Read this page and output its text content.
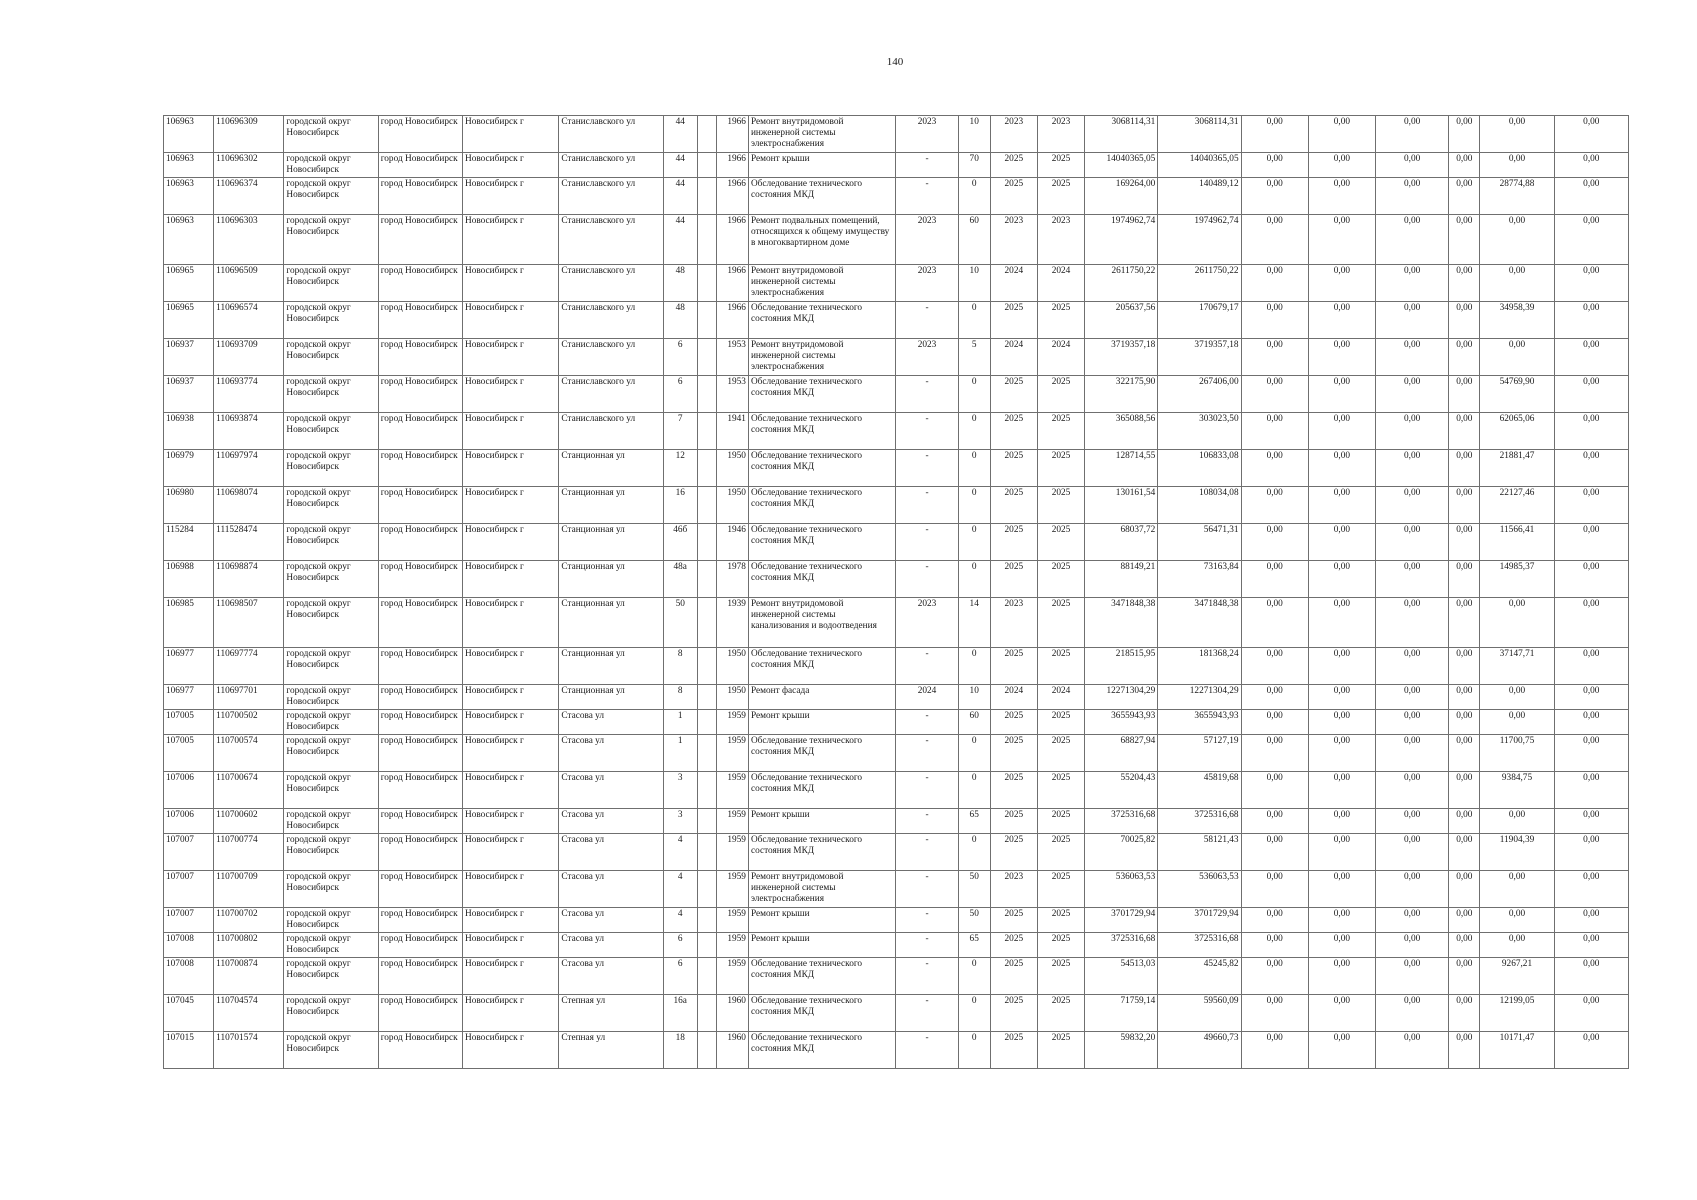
140
106963	110696309	городской округ Новосибирск	город Новосибирск	Новосибирск г	Станиславского ул	44		1966	Ремонт внутридомовой инженерной системы электроснабжения	2023	10	2023	2023	3068114,31	3068114,31	0,00	0,00	0,00	0,00	0,00	0,00
106963	110696302	городской округ Новосибирск	город Новосибирск	Новосибирск г	Станиславского ул	44		1966	Ремонт крыши	-	70	2025	2025	14040365,05	14040365,05	0,00	0,00	0,00	0,00	0,00	0,00
106963	110696374	городской округ Новосибирск	город Новосибирск	Новосибирск г	Станиславского ул	44		1966	Обследование технического состояния МКД	-	0	2025	2025	169264,00	140489,12	0,00	0,00	0,00	0,00	28774,88	0,00
106963	110696303	городской округ Новосибирск	город Новосибирск	Новосибирск г	Станиславского ул	44		1966	Ремонт подвальных помещений, относящихся к общему имуществу в многоквартирном доме	2023	60	2023	2023	1974962,74	1974962,74	0,00	0,00	0,00	0,00	0,00	0,00
106965	110696509	городской округ Новосибирск	город Новосибирск	Новосибирск г	Станиславского ул	48		1966	Ремонт внутридомовой инженерной системы электроснабжения	2023	10	2024	2024	2611750,22	2611750,22	0,00	0,00	0,00	0,00	0,00	0,00
106965	110696574	городской округ Новосибирск	город Новосибирск	Новосибирск г	Станиславского ул	48		1966	Обследование технического состояния МКД	-	0	2025	2025	205637,56	170679,17	0,00	0,00	0,00	0,00	34958,39	0,00
106937	110693709	городской округ Новосибирск	город Новосибирск	Новосибирск г	Станиславского ул	6		1953	Ремонт внутридомовой инженерной системы электроснабжения	2023	5	2024	2024	3719357,18	3719357,18	0,00	0,00	0,00	0,00	0,00	0,00
106937	110693774	городской округ Новосибирск	город Новосибирск	Новосибирск г	Станиславского ул	6		1953	Обследование технического состояния МКД	-	0	2025	2025	322175,90	267406,00	0,00	0,00	0,00	0,00	54769,90	0,00
106938	110693874	городской округ Новосибирск	город Новосибирск	Новосибирск г	Станиславского ул	7		1941	Обследование технического состояния МКД	-	0	2025	2025	365088,56	303023,50	0,00	0,00	0,00	0,00	62065,06	0,00
106979	110697974	городской округ Новосибирск	город Новосибирск	Новосибирск г	Станционная ул	12		1950	Обследование технического состояния МКД	-	0	2025	2025	128714,55	106833,08	0,00	0,00	0,00	0,00	21881,47	0,00
106980	110698074	городской округ Новосибирск	город Новосибирск	Новосибирск г	Станционная ул	16		1950	Обследование технического состояния МКД	-	0	2025	2025	130161,54	108034,08	0,00	0,00	0,00	0,00	22127,46	0,00
115284	111528474	городской округ Новосибирск	город Новосибирск	Новосибирск г	Станционная ул	46б		1946	Обследование технического состояния МКД	-	0	2025	2025	68037,72	56471,31	0,00	0,00	0,00	0,00	11566,41	0,00
106988	110698874	городской округ Новосибирск	город Новосибирск	Новосибирск г	Станционная ул	48а		1978	Обследование технического состояния МКД	-	0	2025	2025	88149,21	73163,84	0,00	0,00	0,00	0,00	14985,37	0,00
106985	110698507	городской округ Новосибирск	город Новосибирск	Новосибирск г	Станционная ул	50		1939	Ремонт внутридомовой инженерной системы канализования и водоотведения	2023	14	2023	2025	3471848,38	3471848,38	0,00	0,00	0,00	0,00	0,00	0,00
106977	110697774	городской округ Новосибирск	город Новосибирск	Новосибирск г	Станционная ул	8		1950	Обследование технического состояния МКД	-	0	2025	2025	218515,95	181368,24	0,00	0,00	0,00	0,00	37147,71	0,00
106977	110697701	городской округ Новосибирск	город Новосибирск	Новосибирск г	Станционная ул	8		1950	Ремонт фасада	2024	10	2024	2024	12271304,29	12271304,29	0,00	0,00	0,00	0,00	0,00	0,00
107005	110700502	городской округ Новосибирск	город Новосибирск	Новосибирск г	Стасова ул	1		1959	Ремонт крыши	-	60	2025	2025	3655943,93	3655943,93	0,00	0,00	0,00	0,00	0,00	0,00
107005	110700574	городской округ Новосибирск	город Новосибирск	Новосибирск г	Стасова ул	1		1959	Обследование технического состояния МКД	-	0	2025	2025	68827,94	57127,19	0,00	0,00	0,00	0,00	11700,75	0,00
107006	110700674	городской округ Новосибирск	город Новосибирск	Новосибирск г	Стасова ул	3		1959	Обследование технического состояния МКД	-	0	2025	2025	55204,43	45819,68	0,00	0,00	0,00	0,00	9384,75	0,00
107006	110700602	городской округ Новосибирск	город Новосибирск	Новосибирск г	Стасова ул	3		1959	Ремонт крыши	-	65	2025	2025	3725316,68	3725316,68	0,00	0,00	0,00	0,00	0,00	0,00
107007	110700774	городской округ Новосибирск	город Новосибирск	Новосибирск г	Стасова ул	4		1959	Обследование технического состояния МКД	-	0	2025	2025	70025,82	58121,43	0,00	0,00	0,00	0,00	11904,39	0,00
107007	110700709	городской округ Новосибирск	город Новосибирск	Новосибирск г	Стасова ул	4		1959	Ремонт внутридомовой инженерной системы электроснабжения	-	50	2023	2025	536063,53	536063,53	0,00	0,00	0,00	0,00	0,00	0,00
107007	110700702	городской округ Новосибирск	город Новосибирск	Новосибирск г	Стасова ул	4		1959	Ремонт крыши	-	50	2025	2025	3701729,94	3701729,94	0,00	0,00	0,00	0,00	0,00	0,00
107008	110700802	городской округ Новосибирск	город Новосибирск	Новосибирск г	Стасова ул	6		1959	Ремонт крыши	-	65	2025	2025	3725316,68	3725316,68	0,00	0,00	0,00	0,00	0,00	0,00
107008	110700874	городской округ Новосибирск	город Новосибирск	Новосибирск г	Стасова ул	6		1959	Обследование технического состояния МКД	-	0	2025	2025	54513,03	45245,82	0,00	0,00	0,00	0,00	9267,21	0,00
107045	110704574	городской округ Новосибирск	город Новосибирск	Новосибирск г	Степная ул	16а		1960	Обследование технического состояния МКД	-	0	2025	2025	71759,14	59560,09	0,00	0,00	0,00	0,00	12199,05	0,00
107015	110701574	городской округ Новосибирск	город Новосибирск	Новосибирск г	Степная ул	18		1960	Обследование технического состояния МКД	-	0	2025	2025	59832,20	49660,73	0,00	0,00	0,00	0,00	10171,47	0,00
